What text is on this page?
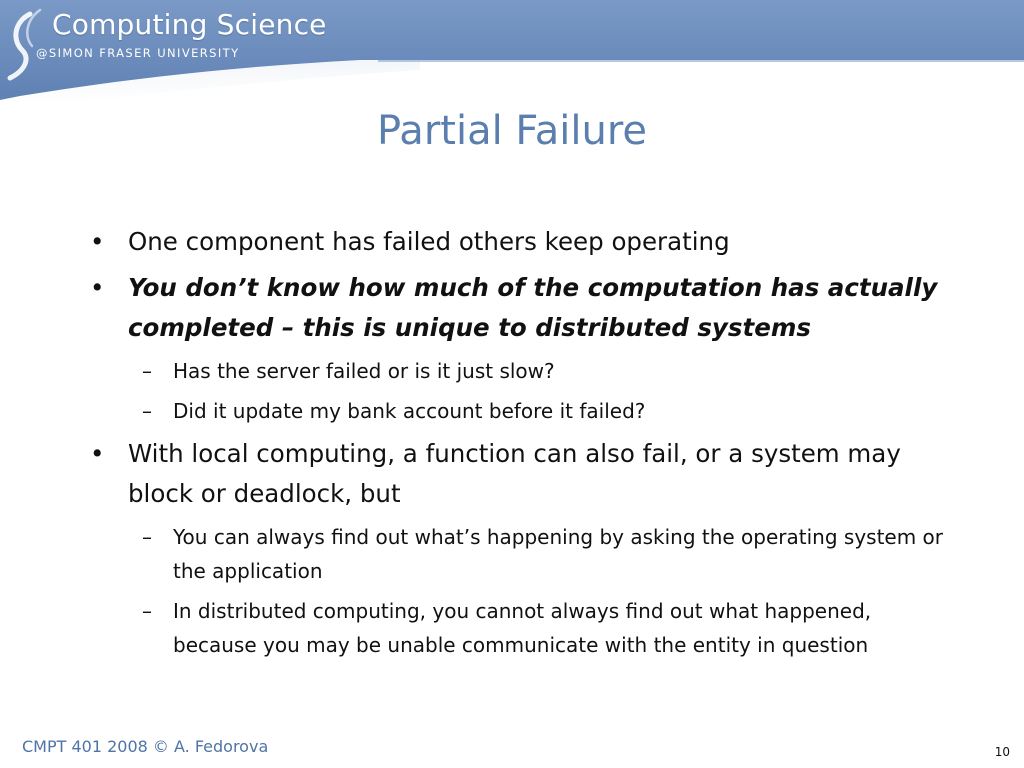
Computing Science
@SIMON FRASER UNIVERSITY
Partial Failure
• One component has failed others keep operating
• You don’t know how much of the computation has actually completed – this is unique to distributed systems
– Has the server failed or is it just slow?
– Did it update my bank account before it failed?
• With local computing, a function can also fail, or a system may block or deadlock, but
– You can always find out what’s happening by asking the operating system or the application
– In distributed computing, you cannot always find out what happened, because you may be unable communicate with the entity in question
CMPT 401 2008 © A. Fedorova	10
